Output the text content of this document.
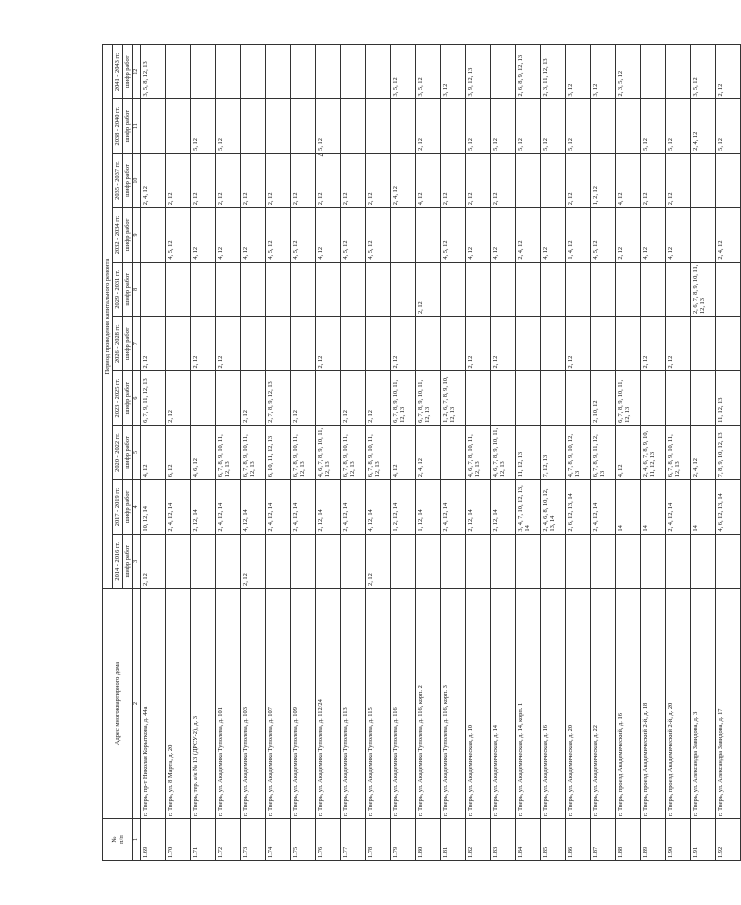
7
№
п/п	Адрес многоквартирного дома	Период проведения капитального ремонта									
		2014 - 2016 гг.	2017 - 2019 гг.	2020 - 2022 гг.	2023 - 2025 гг.	2026 - 2028 гг.	2029 - 2031 гг.	2032 - 2034 гг.	2035 - 2037 гг.	2038 - 2040 гг.	2041 - 2043 гг.
		шифр работ	шифр работ	шифр работ	шифр работ	шифр работ	шифр работ	шифр работ	шифр работ	шифр работ	шифр работ
1	2	3	4	5	6	7	8	9	10	11	12
1.69	г. Тверь, пр-т Николая Корыткова, д. 44а	2, 12	10, 12, 14	4, 12	6, 7, 9, 11, 12, 13	2, 12			2, 4, 12		3, 5, 8, 12, 13
1.70	г. Тверь, ул. 8 Марта, д. 20		2, 4, 12, 14	6, 12	2, 12			4, 5, 12	2, 12		
1.71	г. Тверь, тер. а/к № 13 (ДРСУ-2), д. 3		2, 12, 14	4, 6, 12		2, 12		4, 12	2, 12	5, 12	
1.72	г. Тверь, ул. Академика Туполева, д. 101		2, 4, 12, 14	6, 7, 8, 9, 10, 11, 12, 13		2, 12		4, 12	2, 12	5, 12	
1.73	г. Тверь, ул. Академика Туполева, д. 103	2, 12	4, 12, 14	6, 7, 8, 9, 10, 11, 12, 13	2, 12			4, 12	2, 12		
1.74	г. Тверь, ул. Академика Туполева, д. 107		2, 4, 12, 14	6, 10, 11, 12, 13	2, 7, 8, 9, 12, 13			4, 5, 12	2, 12		
1.75	г. Тверь, ул. Академика Туполева, д. 109		2, 4, 12, 14	6, 7, 8, 9, 10, 11, 12, 13	2, 12			4, 5, 12	2, 12		
1.76	г. Тверь, ул. Академика Туполева, д. 112/24		2, 12, 14	4, 6, 7, 8, 9, 10, 11, 12, 13		2, 12		4, 12	2, 12	5, 12	
1.77	г. Тверь, ул. Академика Туполева, д. 113		2, 4, 12, 14	6, 7, 8, 9, 10, 11, 12, 13	2, 12			4, 5, 12	2, 12		
1.78	г. Тверь, ул. Академика Туполева, д. 115	2, 12	4, 12, 14	6, 7, 8, 9, 10, 11, 12, 13	2, 12			4, 5, 12	2, 12		
1.79	г. Тверь, ул. Академика Туполева, д. 116		1, 2, 12, 14	4, 12	6, 7, 8, 9, 10, 11, 12, 13	2, 12			2, 4, 12		3, 5, 12
1.80	г. Тверь, ул. Академика Туполева, д. 116, корп. 2		1, 12, 14	2, 4, 12	6, 7, 8, 9, 10, 11, 12, 13		2, 12		4, 12	2, 12	3, 5, 12
1.81	г. Тверь, ул. Академика Туполева, д. 116, корп. 3		2, 4, 12, 14		1, 2, 6, 7, 8, 9, 10, 12, 13			4, 5, 12	2, 12		3, 12
1.82	г. Тверь, ул. Академическая, д. 10		2, 12, 14	4, 6, 7, 8, 10, 11, 12, 13		2, 12		4, 12	2, 12	5, 12	3, 9, 12, 13
1.83	г. Тверь, ул. Академическая, д. 14		2, 12, 14	4, 6, 7, 8, 9, 10, 11, 12, 13		2, 12		4, 12	2, 12	5, 12	
1.84	г. Тверь, ул. Академическая, д. 14, корп. 1		3, 4, 7, 10, 12, 13, 14	11, 12, 13				2, 4, 12		5, 12	2, 6, 8, 9, 12, 13
1.85	г. Тверь, ул. Академическая, д. 16		2, 4, 6, 8, 10, 12, 13, 14	7, 12, 13				4, 12		5, 12	2, 3, 11, 12, 13
1.86	г. Тверь, ул. Академическая, д. 20		2, 6, 12, 13, 14	4, 7, 8, 9, 10, 12, 13		2, 12		1, 4, 12	2, 12	5, 12	3, 12
1.87	г. Тверь, ул. Академическая, д. 22		2, 4, 12, 14	6, 7, 8, 9, 11, 12, 13	2, 10, 12			4, 5, 12	1, 2, 12		3, 12
1.88	г. Тверь, проезд Академический, д. 16		14	4, 12	6, 7, 8, 9, 10, 11, 12, 13			2, 12	4, 12		2, 3, 5, 12
1.89	г. Тверь, проезд Академический 2-й, д. 18		14	2, 4, 6, 7, 8, 9, 10, 11, 12, 13		2, 12		4, 12	2, 12	5, 12	
1.90	г. Тверь, проезд Академический 2-й, д. 20		2, 4, 12, 14	6, 7, 8, 9, 10, 11, 12, 13		2, 12		4, 12	2, 12	5, 12	
1.91	г. Тверь, ул. Александра Завидова, д. 3		14	2, 4, 12			2, 6, 7, 8, 9, 10, 11, 12, 13			2, 4, 12	3, 5, 12
1.92	г. Тверь, ул. Александра Завидова, д. 17		4, 6, 12, 13, 14	7, 8, 9, 10, 12, 13	11, 12, 13			2, 4, 12		5, 12	2, 12
